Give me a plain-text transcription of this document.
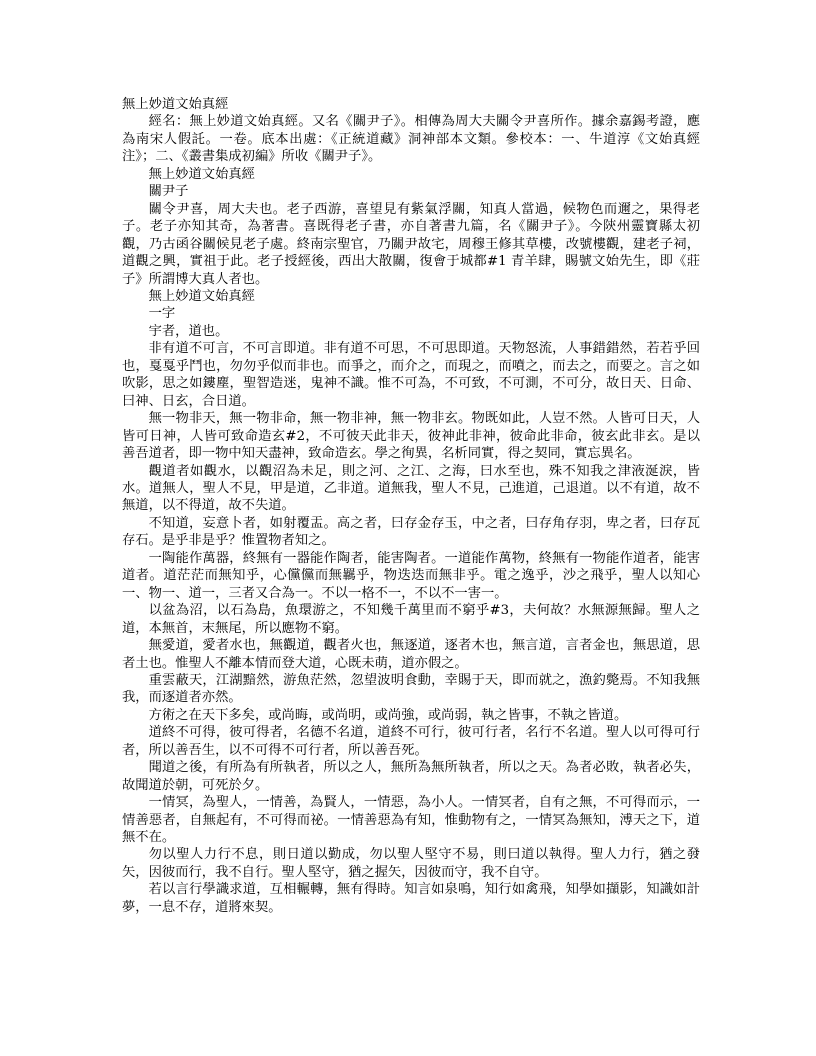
無上妙道文始真經

經名：無上妙道文始真經。又名《關尹子》。相傳為周大夫關令尹喜所作。據余嘉錫考證，應為南宋人假託。一卷。底本出處：《正統道藏》洞神部本文類。參校本：一、牛道淳《文始真經注》；二、《叢書集成初編》所收《關尹子》。

無上妙道文始真經

關尹子

關令尹喜，周大夫也。老子西游，喜望見有紫氣浮關，知真人當過，候物色而邇之，果得老子。老子亦知其奇，為著書。喜既得老子書，亦自著書九篇，名《關尹子》。今陝州靈寶縣太初觀，乃古函谷關候見老子處。終南宗聖官，乃關尹故宅，周穆王修其草樓，改號樓觀，建老子祠，道觀之興，實祖于此。老子授經後，西出大散關，復會于城都#1 青羊肆，賜號文始先生，即《莊子》所謂博大真人者也。

無上妙道文始真經

一字

宇者，道也。

非有道不可言，不可言即道。非有道不可思，不可思即道。天物怒流，人事錯錯然，若若乎回也，戛戛乎鬥也，勿勿乎似而非也。而爭之，而介之，而現之，而噴之，而去之，而要之。言之如吹影，思之如鏤塵，聖智造迷，鬼神不識。惟不可為，不可致，不可測，不可分，故日天、日命、曰神、日玄，合日道。

無一物非天，無一物非命，無一物非神，無一物非玄。物既如此，人豈不然。人皆可日天，人皆可日神，人皆可致命造玄#2，不可彼天此非天，彼神此非神，彼命此非命，彼玄此非玄。是以善吾道者，即一物中知天盡神，致命造玄。學之徇異，名析同實，得之契同，實忘異名。

觀道者如觀水，以觀沼為未足，則之河、之江、之海，曰水至也，殊不知我之津液涎淚，皆水。道無人，聖人不見，甲是道，乙非道。道無我，聖人不見，己進道，己退道。以不有道，故不無道，以不得道，故不失道。

不知道，妄意卜者，如射覆盂。高之者，曰存金存玉，中之者，曰存角存羽，卑之者，曰存瓦存石。是乎非是乎？惟置物者知之。

一陶能作萬器，終無有一器能作陶者，能害陶者。一道能作萬物，終無有一物能作道者，能害道者。道茫茫而無知乎，心儻儻而無羈乎，物迭迭而無非乎。電之逸乎，沙之飛乎，聖人以知心一、物一、道一，三者又合為一。不以一格不一，不以不一害一。

以盆為沼，以石為島，魚環游之，不知幾千萬里而不窮乎#3，夫何故？水無源無歸。聖人之道，本無首，末無尾，所以應物不窮。

無愛道，愛者水也，無觀道，觀者火也，無逐道，逐者木也，無言道，言者金也，無思道，思者土也。惟聖人不離本情而登大道，心既未萌，道亦假之。

重雲蔽天，江湖黯然，游魚茫然，忽望波明食動，幸賜于天，即而就之，漁釣斃焉。不知我無我，而逐道者亦然。

方術之在天下多矣，或尚晦，或尚明，或尚強，或尚弱，執之皆事，不執之皆道。

道終不可得，彼可得者，名德不名道，道終不可行，彼可行者，名行不名道。聖人以可得可行者，所以善吾生，以不可得不可行者，所以善吾死。

聞道之後，有所為有所執者，所以之人，無所為無所執者，所以之天。為者必敗，執者必失，故聞道於朝，可死於夕。

一情冥，為聖人，一情善，為賢人，一情惡，為小人。一情冥者，自有之無，不可得而示，一情善惡者，自無起有，不可得而祕。一情善惡為有知，惟動物有之，一情冥為無知，溥天之下，道無不在。

勿以聖人力行不息，則日道以勤成，勿以聖人堅守不易，則曰道以執得。聖人力行，猶之發矢，因彼而行，我不自行。聖人堅守，猶之握矢，因彼而守，我不自守。

若以言行學識求道，互相輾轉，無有得時。知言如泉鳴，知行如禽飛，知學如擷影，知識如計夢，一息不存，道將來契。
